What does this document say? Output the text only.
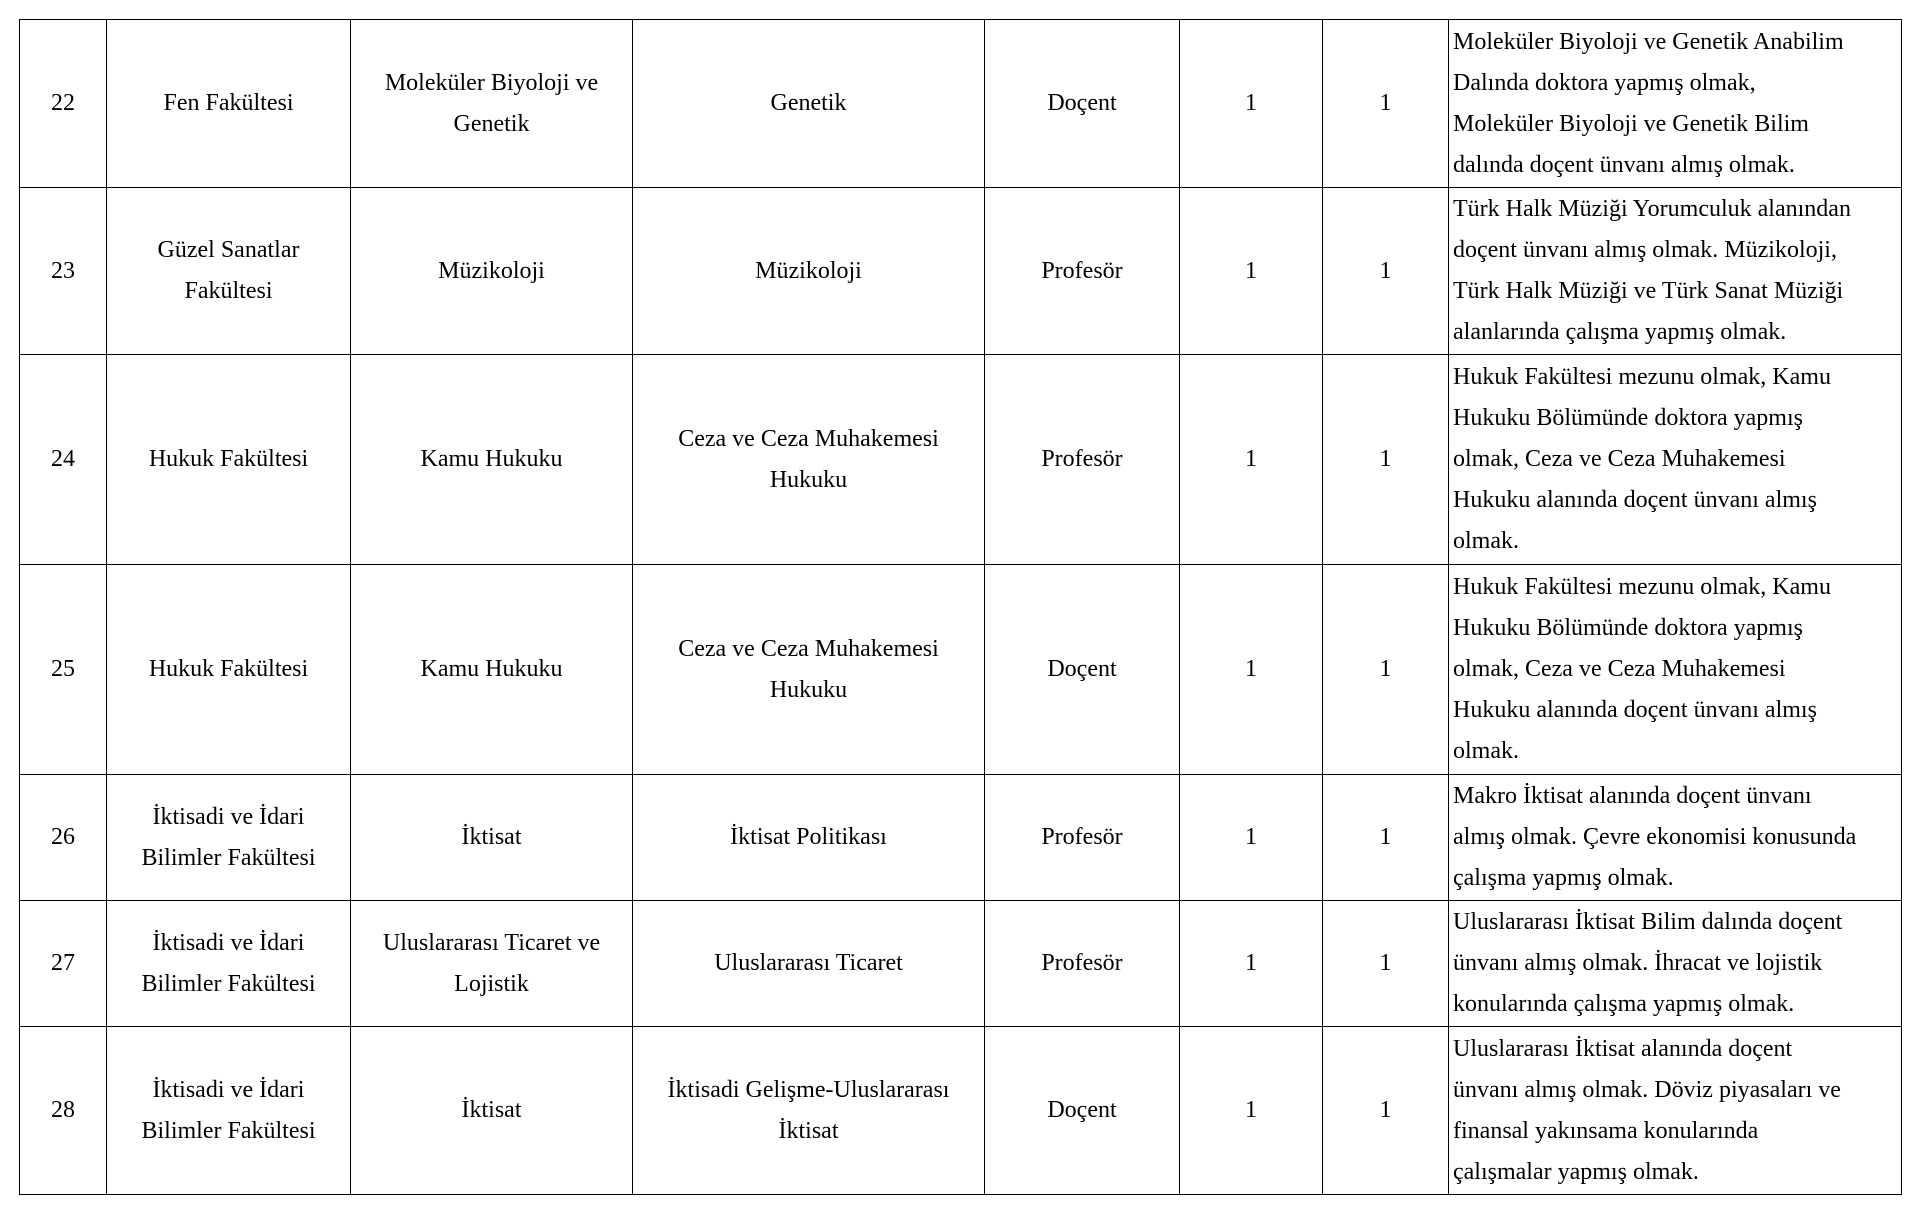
22	Fen Fakültesi	Moleküler Biyoloji ve
Genetik	Genetik	Doçent	1	1	Moleküler Biyoloji ve Genetik Anabilim
Dalında doktora yapmış olmak,
Moleküler Biyoloji ve Genetik Bilim
dalında doçent ünvanı almış olmak.
23	Güzel Sanatlar
Fakültesi	Müzikoloji	Müzikoloji	Profesör	1	1	Türk Halk Müziği Yorumculuk alanından
doçent ünvanı almış olmak. Müzikoloji,
Türk Halk Müziği ve Türk Sanat Müziği
alanlarında çalışma yapmış olmak.
24	Hukuk Fakültesi	Kamu Hukuku	Ceza ve Ceza Muhakemesi
Hukuku	Profesör	1	1	Hukuk Fakültesi mezunu olmak, Kamu
Hukuku Bölümünde doktora yapmış
olmak, Ceza ve Ceza Muhakemesi
Hukuku alanında doçent ünvanı almış
olmak.
25	Hukuk Fakültesi	Kamu Hukuku	Ceza ve Ceza Muhakemesi
Hukuku	Doçent	1	1	Hukuk Fakültesi mezunu olmak, Kamu
Hukuku Bölümünde doktora yapmış
olmak, Ceza ve Ceza Muhakemesi
Hukuku alanında doçent ünvanı almış
olmak.
26	İktisadi ve İdari
Bilimler Fakültesi	İktisat	İktisat Politikası	Profesör	1	1	Makro İktisat alanında doçent ünvanı
almış olmak. Çevre ekonomisi konusunda
çalışma yapmış olmak.
27	İktisadi ve İdari
Bilimler Fakültesi	Uluslararası Ticaret ve
Lojistik	Uluslararası Ticaret	Profesör	1	1	Uluslararası İktisat Bilim dalında doçent
ünvanı almış olmak. İhracat ve lojistik
konularında çalışma yapmış olmak.
28	İktisadi ve İdari
Bilimler Fakültesi	İktisat	İktisadi Gelişme-Uluslararası
İktisat	Doçent	1	1	Uluslararası İktisat alanında doçent
ünvanı almış olmak. Döviz piyasaları ve
finansal yakınsama konularında
çalışmalar yapmış olmak.
